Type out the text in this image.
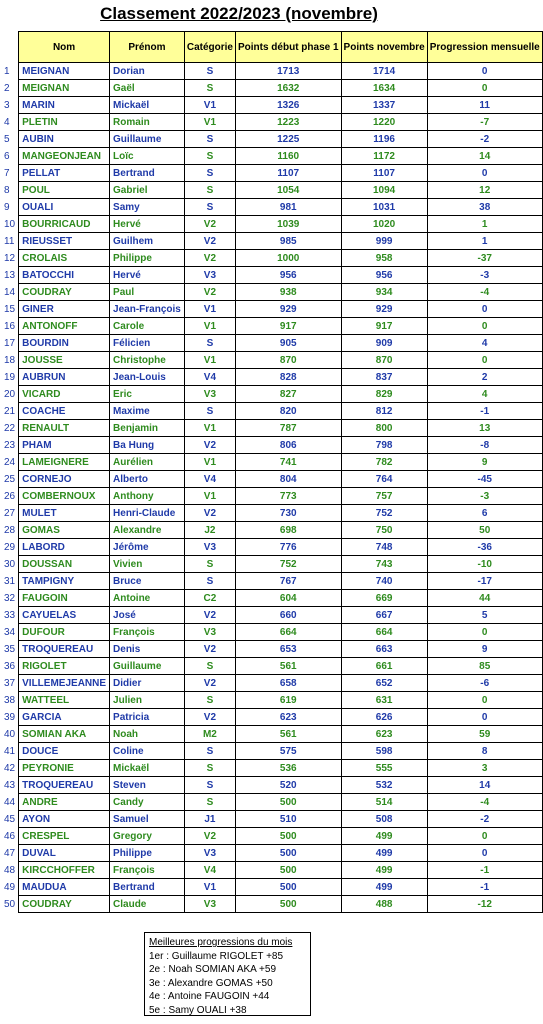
Classement 2022/2023 (novembre)
	Nom	Prénom	Catégorie	Points début phase 1	Points novembre	Progression mensuelle
1	MEIGNAN	Dorian	S	1713	1714	0
2	MEIGNAN	Gaël	S	1632	1634	0
3	MARIN	Mickaël	V1	1326	1337	11
4	PLETIN	Romain	V1	1223	1220	-7
5	AUBIN	Guillaume	S	1225	1196	-2
6	MANGEONJEAN	Loïc	S	1160	1172	14
7	PELLAT	Bertrand	S	1107	1107	0
8	POUL	Gabriel	S	1054	1094	12
9	OUALI	Samy	S	981	1031	38
10	BOURRICAUD	Hervé	V2	1039	1020	1
11	RIEUSSET	Guilhem	V2	985	999	1
12	CROLAIS	Philippe	V2	1000	958	-37
13	BATOCCHI	Hervé	V3	956	956	-3
14	COUDRAY	Paul	V2	938	934	-4
15	GINER	Jean-François	V1	929	929	0
16	ANTONOFF	Carole	V1	917	917	0
17	BOURDIN	Félicien	S	905	909	4
18	JOUSSE	Christophe	V1	870	870	0
19	AUBRUN	Jean-Louis	V4	828	837	2
20	VICARD	Eric	V3	827	829	4
21	COACHE	Maxime	S	820	812	-1
22	RENAULT	Benjamin	V1	787	800	13
23	PHAM	Ba Hung	V2	806	798	-8
24	LAMEIGNERE	Aurélien	V1	741	782	9
25	CORNEJO	Alberto	V4	804	764	-45
26	COMBERNOUX	Anthony	V1	773	757	-3
27	MULET	Henri-Claude	V2	730	752	6
28	GOMAS	Alexandre	J2	698	750	50
29	LABORD	Jérôme	V3	776	748	-36
30	DOUSSAN	Vivien	S	752	743	-10
31	TAMPIGNY	Bruce	S	767	740	-17
32	FAUGOIN	Antoine	C2	604	669	44
33	CAYUELAS	José	V2	660	667	5
34	DUFOUR	François	V3	664	664	0
35	TROQUEREAU	Denis	V2	653	663	9
36	RIGOLET	Guillaume	S	561	661	85
37	VILLEMEJEANNE	Didier	V2	658	652	-6
38	WATTEEL	Julien	S	619	631	0
39	GARCIA	Patricia	V2	623	626	0
40	SOMIAN AKA	Noah	M2	561	623	59
41	DOUCE	Coline	S	575	598	8
42	PEYRONIE	Mickaël	S	536	555	3
43	TROQUEREAU	Steven	S	520	532	14
44	ANDRE	Candy	S	500	514	-4
45	AYON	Samuel	J1	510	508	-2
46	CRESPEL	Gregory	V2	500	499	0
47	DUVAL	Philippe	V3	500	499	0
48	KIRCCHOFFER	François	V4	500	499	-1
49	MAUDUA	Bertrand	V1	500	499	-1
50	COUDRAY	Claude	V3	500	488	-12
Meilleures progressions du mois
1er : Guillaume RIGOLET +85
2e : Noah SOMIAN AKA +59
3e : Alexandre GOMAS +50
4e : Antoine FAUGOIN +44
5e : Samy OUALI +38
